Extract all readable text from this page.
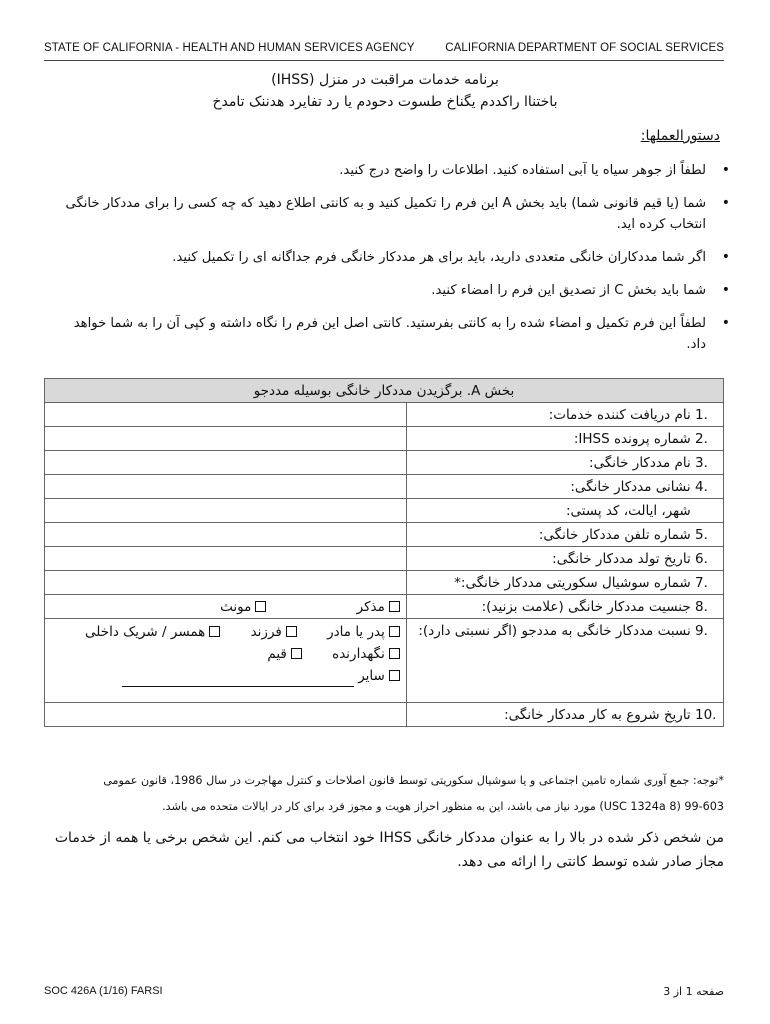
STATE OF CALIFORNIA - HEALTH AND HUMAN SERVICES AGENCY	CALIFORNIA DEPARTMENT OF SOCIAL SERVICES
برنامه خدمات مراقبت در منزل (IHSS)
باختناا راکددم یگناخ طسوت دحودم یا رد تفایرد هدننک تامدخ
دستورالعملها:
• لطفاً از جوهر سیاه یا آبی استفاده کنید. اطلاعات را واضح درج کنید.
• شما (یا قیم قانونی شما) باید بخش A این فرم را تکمیل کنید و به کانتی اطلاع دهید که چه کسی را برای مددکار خانگی انتخاب کرده اید.
• اگر شما مددکاران خانگی متعددی دارید، باید برای هر مددکار خانگی فرم جداگانه ای را تکمیل کنید.
• شما باید بخش C از تصدیق این فرم را امضاء کنید.
• لطفاً این فرم تکمیل و امضاء شده را به کانتی بفرستید. کانتی اصل این فرم را نگاه داشته و کپی آن را به شما خواهد داد.
بخش A. برگزیدن مددکار خانگی بوسیله مددجو	
1. نام دریافت کننده خدمات:	
2. شماره پرونده IHSS:	
3. نام مددکار خانگی:	
4. نشانی مددکار خانگی:	
شهر، ایالت، کد پستی:	
5. شماره تلفن مددکار خانگی:	
6. تاریخ تولد مددکار خانگی:	
7. شماره سوشیال سکوریتی مددکار خانگی:*	
8. جنسیت مددکار خانگی (علامت بزنید):	مذکر مونث
9. نسبت مددکار خانگی به مددجو (اگر نسبتی دارد):	پدر یا مادر فرزند همسر / شریک داخلی
نگهدارنده قیم
سایر

10. تاریخ شروع به کار مددکار خانگی:	
*توجه: جمع آوری شماره تامین اجتماعی و یا سوشیال سکوریتی توسط قانون اصلاحات و کنترل مهاجرت در سال 1986، قانون عمومی
99-603 (8 USC 1324a) مورد نیاز می باشد، این به منظور احراز هویت و مجوز فرد برای کار در ایالات متحده می باشد.
من شخص ذکر شده در بالا را به عنوان مددکار خانگی IHSS خود انتخاب می کنم. این شخص برخی یا همه از خدمات مجاز صادر شده توسط کانتی را ارائه می دهد.
SOC 426A (1/16) FARSI	صفحه 1 از 3
